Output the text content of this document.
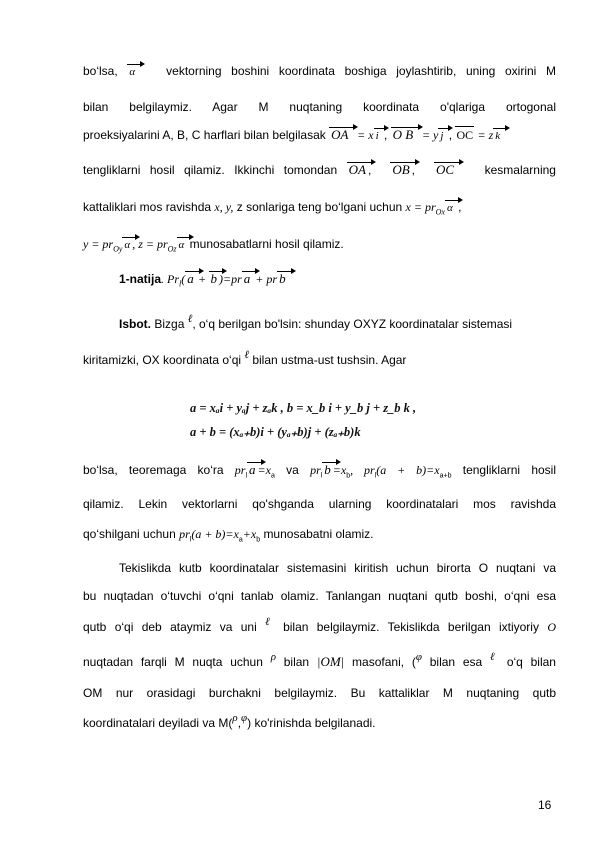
bo‘lsa, α	vektorning boshini koordinata boshiga joylashtirib, uning oxirini M
bilan belgilaymiz. Agar M nuqtaning koordinata o'qlariga ortogonal
proeksiyalarini A, B, C harflari bilan belgilasak OA = x i , O B = y j , OC = z k
tengliklarni hosil qilamiz. Ikkinchi tomondan OA ,  OB ,  OC	kesmalarning
kattaliklari mos ravishda x, y, z sonlariga teng bo‘lgani uchun $x = pr_{Ox}$ α ,
$y = pr_{Oy}$ α , $z = pr_{Oz}$ α munosabatlarni hosil qilamiz.
1-natija. $Pr_l$( a + b )=pr a + pr b
Isbot. Bizga ℓ, o‘q berilgan bo'lsin: shunday OXYZ koordinatalar sistemasi
kiritamizki, OX koordinata o‘qi ℓ bilan ustma-ust tushsin. Agar
a = xₐi + yₐj + zₐk , b = x_b i + y_b j + z_b k ,
a + b = (xₐ₊b)i + (yₐ₊b)j + (zₐ₊b)k
bo‘lsa, teoremaga ko‘ra $pr_l$ $a =x_a$ va $pr_l$ $b =x_b$, $pr_l(a + b)=x_{a+b}$ tengliklarni hosil
qilamiz. Lekin vektorlarni qo'shganda ularning koordinatalari mos ravishda
qo‘shilgani uchun $pr_l(a + b)=x_a+x_b$ munosabatni olamiz.
Tekislikda kutb koordinatalar sistemasini kiritish uchun birorta O nuqtani va
bu nuqtadan o‘tuvchi o‘qni tanlab olamiz. Tanlangan nuqtani qutb boshi, o‘qni esa
qutb o‘qi deb ataymiz va uni ℓ bilan belgilaymiz. Tekislikda berilgan ixtiyoriy O
nuqtadan farqli M nuqta uchun ρ bilan |OM| masofani, (φ bilan esa ℓ o‘q bilan
OM nur orasidagi burchakni belgilaymiz. Bu kattaliklar M nuqtaning qutb
koordinatalari deyiladi va M(ρ,φ) ko'rinishda belgilanadi.
16
